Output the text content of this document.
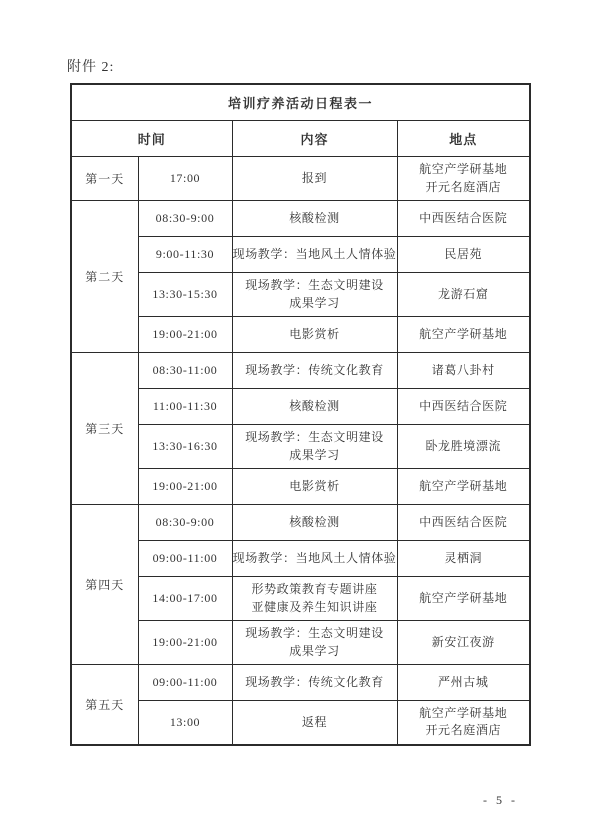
附件 2:
培训疗养活动日程表一			
时间		内容	地点
第一天	17:00	报到	航空产学研基地
开元名庭酒店

第二天	08:30-9:00	核酸检测	中西医结合医院

	9:00-11:30	现场教学：当地风土人情体验	民居苑

	13:30-15:30	现场教学：生态文明建设
成果学习	龙游石窟

	19:00-21:00	电影赏析	航空产学研基地

第三天	08:30-11:00	现场教学：传统文化教育	诸葛八卦村

	11:00-11:30	核酸检测	中西医结合医院

	13:30-16:30	现场教学：生态文明建设
成果学习	卧龙胜境漂流

	19:00-21:00	电影赏析	航空产学研基地

第四天	08:30-9:00	核酸检测	中西医结合医院

	09:00-11:00	现场教学：当地风土人情体验	灵栖洞

	14:00-17:00	形势政策教育专题讲座
亚健康及养生知识讲座	航空产学研基地

	19:00-21:00	现场教学：生态文明建设
成果学习	新安江夜游

第五天	09:00-11:00	现场教学：传统文化教育	严州古城

	13:00	返程	航空产学研基地
开元名庭酒店
- 5 -
